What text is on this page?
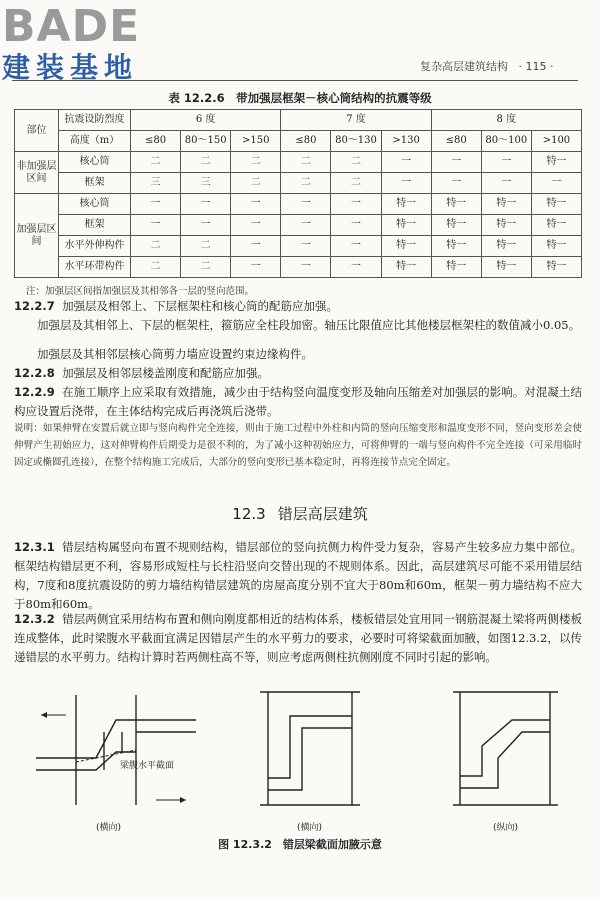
BADE
建装基地	复杂高层建筑结构 · 115 ·
表 12.2.6　带加强层框架－核心筒结构的抗震等级
部位	抗震设防烈度	6 度			7 度			8 度		
	高度（m）	≤80	80～150	>150	≤80	80～130	>130	≤80	80～100	>100
非加强层区间	核心筒	二	二	二	二	二	一	一	一	特一
	框架	三	三	二	二	二	一	一	一	一
加强层区间	核心筒	一	一	一	一	一	特一	特一	特一	特一
	框架	一	一	一	一	一	特一	特一	特一	特一
	水平外伸构件	二	二	一	一	一	特一	特一	特一	特一
	水平环带构件	二	二	一	一	一	特一	特一	特一	特一
注：加强层区间指加强层及其相邻各一层的竖向范围。
12.2.7 加强层及相邻上、下层框架柱和核心筒的配筋应加强。
加强层及其相邻上、下层的框架柱，箍筋应全柱段加密。轴压比限值应比其他楼层框架柱的数值减小0.05。
加强层及其相邻层核心筒剪力墙应设置约束边缘构件。
12.2.8 加强层及相邻层楼盖刚度和配筋应加强。
12.2.9 在施工顺序上应采取有效措施，减少由于结构竖向温度变形及轴向压缩差对加强层的影响。对混凝土结构应设置后浇带，在主体结构完成后再浇筑后浇带。
说明：如果伸臂在安置后就立即与竖向构件完全连接，则由于施工过程中外柱和内筒的竖向压缩变形和温度变形不同，竖向变形差会使伸臂产生初始应力，这对伸臂构件后期受力是很不利的，为了减小这种初始应力，可将伸臂的一端与竖向构件不完全连接（可采用临时固定或椭圆孔连接），在整个结构施工完成后，大部分的竖向变形已基本稳定时，再将连接节点完全固定。
12.3 错层高层建筑
12.3.1 错层结构属竖向布置不规则结构，错层部位的竖向抗侧力构件受力复杂，容易产生较多应力集中部位。框架结构错层更不利，容易形成短柱与长柱沿竖向交替出现的不规则体系。因此，高层建筑尽可能不采用错层结构，7度和8度抗震设防的剪力墙结构错层建筑的房屋高度分别不宜大于80m和60m，框架－剪力墙结构不应大于80m和60m。
12.3.2 错层两侧宜采用结构布置和侧向刚度都相近的结构体系，楼板错层处宜用同一钢筋混凝土梁将两侧楼板连成整体，此时梁腹水平截面宜满足因错层产生的水平剪力的要求，必要时可将梁截面加腋，如图12.3.2，以传递错层的水平剪力。结构计算时若两侧柱高不等，则应考虑两侧柱抗侧刚度不同时引起的影响。
梁腹水平截面
(横向)	(横向)	(纵向)
图 12.3.2　错层梁截面加腋示意
